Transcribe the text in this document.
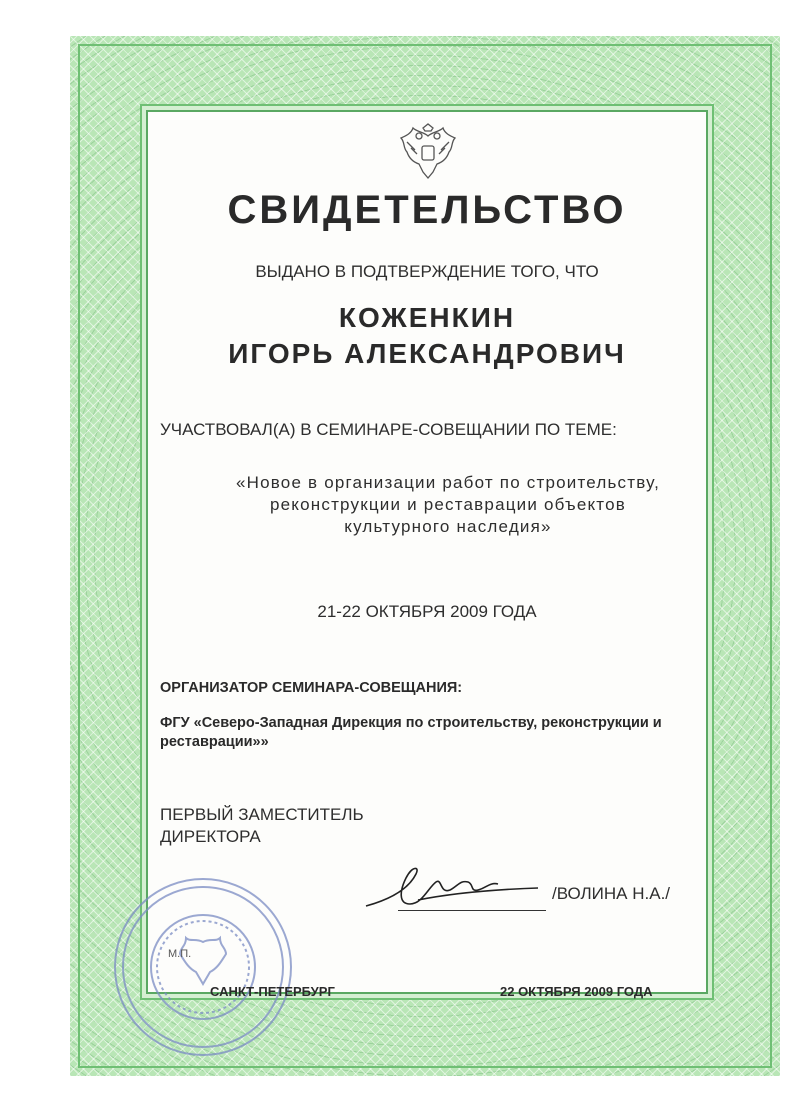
СВИДЕТЕЛЬСТВО
ВЫДАНО В ПОДТВЕРЖДЕНИЕ ТОГО, ЧТО
КОЖЕНКИН
ИГОРЬ АЛЕКСАНДРОВИЧ
УЧАСТВОВАЛ(А) В СЕМИНАРЕ-СОВЕЩАНИИ ПО ТЕМЕ:
«Новое в организации работ по строительству,
реконструкции и реставрации объектов
культурного наследия»
21-22 ОКТЯБРЯ 2009 ГОДА
ОРГАНИЗАТОР СЕМИНАРА-СОВЕЩАНИЯ:
ФГУ «Северо-Западная Дирекция по строительству, реконструкции и
реставрации»»
ПЕРВЫЙ ЗАМЕСТИТЕЛЬ
ДИРЕКТОРА
/ВОЛИНА Н.А./
М.П.
САНКТ-ПЕТЕРБУРГ	22 ОКТЯБРЯ 2009 ГОДА
